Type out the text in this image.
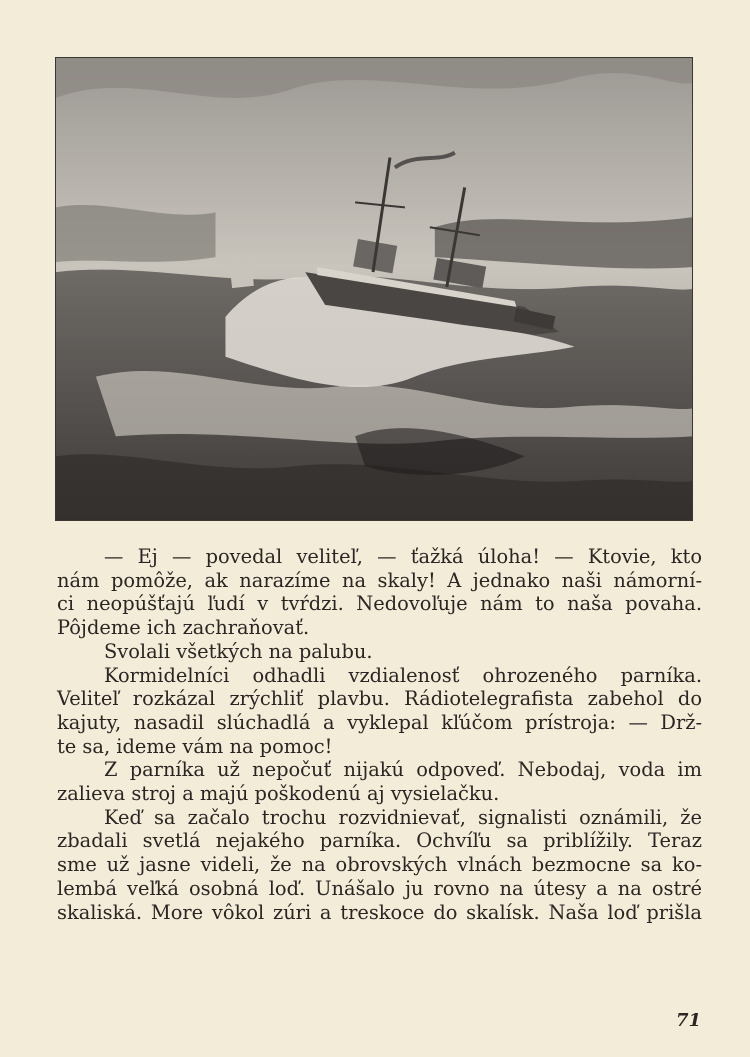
— Ej — povedal veliteľ, — ťažká úloha! — Ktovie, kto
nám pomôže, ak narazíme na skaly! A jednako naši námorní-
ci neopúšťajú ľudí v tvŕdzi. Nedovoľuje nám to naša povaha.
Pôjdeme ich zachraňovať.
Svolali všetkých na palubu.
Kormidelníci odhadli vzdialenosť ohrozeného parníka.
Veliteľ rozkázal zrýchliť plavbu. Rádiotelegrafista zabehol do
kajuty, nasadil slúchadlá a vyklepal kľúčom prístroja: — Drž-
te sa, ideme vám na pomoc!
Z parníka už nepočuť nijakú odpoveď. Nebodaj, voda im
zalieva stroj a majú poškodenú aj vysielačku.
Keď sa začalo trochu rozvidnievať, signalisti oznámili, že
zbadali svetlá nejakého parníka. Ochvíľu sa priblížily. Teraz
sme už jasne videli, že na obrovských vlnách bezmocne sa ko-
lembá veľká osobná loď. Unášalo ju rovno na útesy a na ostré
skaliská. More vôkol zúri a treskoce do skalísk. Naša loď prišla
71
